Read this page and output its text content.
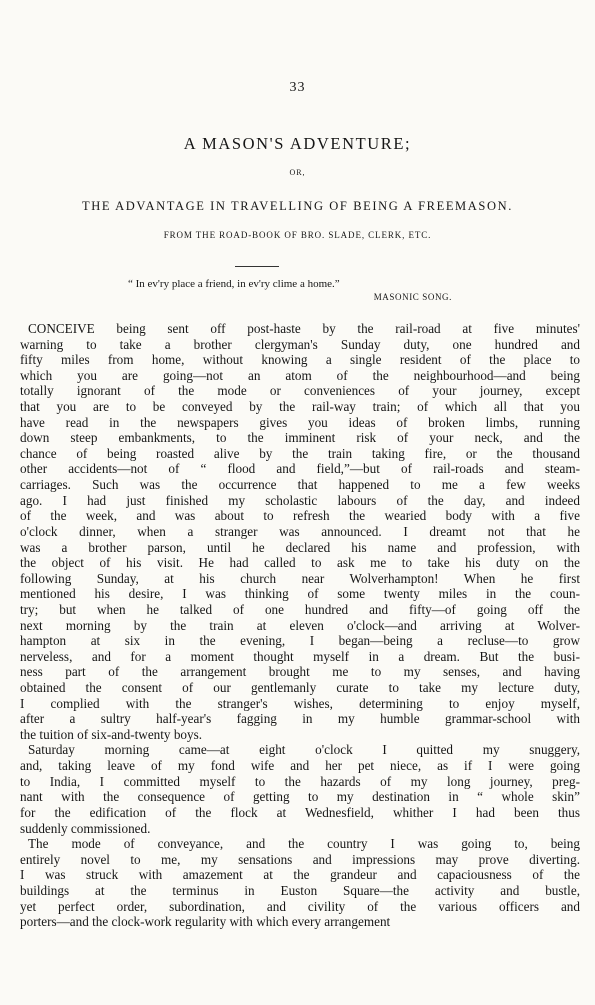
33
A MASON'S ADVENTURE;
OR,
THE ADVANTAGE IN TRAVELLING OF BEING A FREEMASON.
FROM THE ROAD-BOOK OF BRO. SLADE, CLERK, ETC.
“ In ev'ry place a friend, in ev'ry clime a home.”
MASONIC SONG.
CONCEIVE being sent off post-haste by the rail-road at five minutes'
warning to take a brother clergyman's Sunday duty, one hundred and
fifty miles from home, without knowing a single resident of the place to
which you are going—not an atom of the neighbourhood—and being
totally ignorant of the mode or conveniences of your journey, except
that you are to be conveyed by the rail-way train; of which all that you
have read in the newspapers gives you ideas of broken limbs, running
down steep embankments, to the imminent risk of your neck, and the
chance of being roasted alive by the train taking fire, or the thousand
other accidents—not of “ flood and field,”—but of rail-roads and steam-
carriages. Such was the occurrence that happened to me a few weeks
ago. I had just finished my scholastic labours of the day, and indeed
of the week, and was about to refresh the wearied body with a five
o'clock dinner, when a stranger was announced. I dreamt not that he
was a brother parson, until he declared his name and profession, with
the object of his visit. He had called to ask me to take his duty on the
following Sunday, at his church near Wolverhampton! When he first
mentioned his desire, I was thinking of some twenty miles in the coun-
try; but when he talked of one hundred and fifty—of going off the
next morning by the train at eleven o'clock—and arriving at Wolver-
hampton at six in the evening, I began—being a recluse—to grow
nerveless, and for a moment thought myself in a dream. But the busi-
ness part of the arrangement brought me to my senses, and having
obtained the consent of our gentlemanly curate to take my lecture duty,
I complied with the stranger's wishes, determining to enjoy myself,
after a sultry half-year's fagging in my humble grammar-school with
the tuition of six-and-twenty boys.
Saturday morning came—at eight o'clock I quitted my snuggery,
and, taking leave of my fond wife and her pet niece, as if I were going
to India, I committed myself to the hazards of my long journey, preg-
nant with the consequence of getting to my destination in “ whole skin”
for the edification of the flock at Wednesfield, whither I had been thus
suddenly commissioned.
The mode of conveyance, and the country I was going to, being
entirely novel to me, my sensations and impressions may prove diverting.
I was struck with amazement at the grandeur and capaciousness of the
buildings at the terminus in Euston Square—the activity and bustle,
yet perfect order, subordination, and civility of the various officers and
porters—and the clock-work regularity with which every arrangement
